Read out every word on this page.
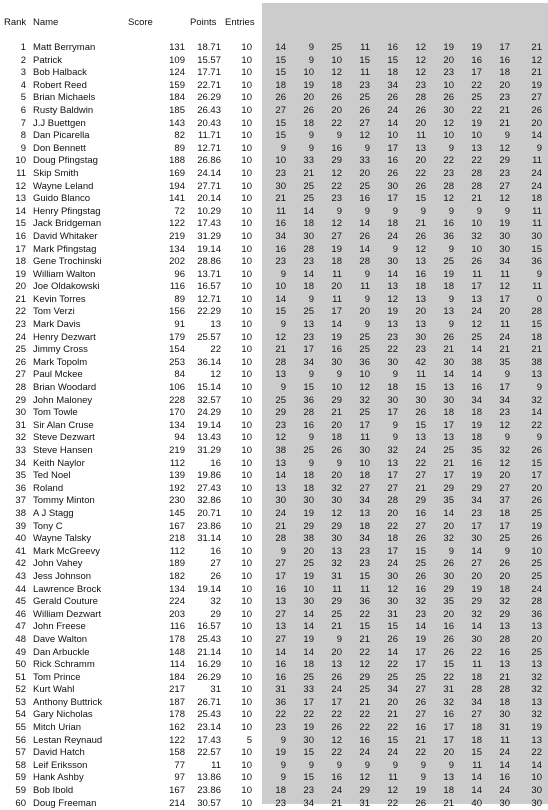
Rank Name	Score	Points Entries
1 Matt Berryman	131	18.71	10	14	9	25	11	16	12	19	19	17	21
2 Patrick	109	15.57	10	15	9	10	15	15	12	20	16	16	12
3 Bob Halback	124	17.71	10	15	10	12	11	18	12	23	17	18	21
4 Robert Reed	159	22.71	10	18	19	18	23	34	23	10	22	20	19
5 Brian Michaels	184	26.29	10	26	20	26	25	26	28	26	25	23	27
6 Rusty Baldwin	185	26.43	10	27	26	20	26	24	26	30	22	21	26
7 J.J Buettgen	143	20.43	10	15	18	22	27	14	20	12	19	21	20
8 Dan Picarella	82	11.71	10	15	9	9	12	10	11	10	10	9	14
9 Don Bennett	89	12.71	10	9	9	16	9	17	13	9	13	12	9
10 Doug Pfingstag	188	26.86	10	10	33	29	33	16	20	22	22	29	11
11 Skip Smith	169	24.14	10	23	21	12	20	26	22	23	28	23	24
12 Wayne Leland	194	27.71	10	30	25	22	25	30	26	28	28	27	24
13 Guido Blanco	141	20.14	10	21	25	23	16	17	15	12	21	12	18
14 Henry Pfingstag	72	10.29	10	11	14	9	9	9	9	9	9	9	11
15 Jack Bridgeman	122	17.43	10	16	18	12	14	18	21	16	10	19	11
16 David Whitaker	219	31.29	10	34	30	27	26	24	26	36	32	30	30
17 Mark Pfingstag	134	19.14	10	16	28	19	14	9	12	9	10	30	15
18 Gene Trochinski	202	28.86	10	23	23	18	28	30	13	25	26	34	36
19 William Walton	96	13.71	10	9	14	11	9	14	16	19	11	11	9
20 Joe Oldakowski	116	16.57	10	10	18	20	11	13	18	18	17	12	11
21 Kevin Torres	89	12.71	10	14	9	11	9	12	13	9	13	17	0
22 Tom Verzi	156	22.29	10	15	25	17	20	19	20	13	24	20	28
23 Mark Davis	91	13	10	9	13	14	9	13	13	9	12	11	15
24 Henry Dezwart	179	25.57	10	12	23	19	25	23	30	26	25	24	18
25 Jimmy Cross	154	22	10	21	17	16	25	22	23	21	14	21	21
26 Mark Topolm	253	36.14	10	28	34	30	36	30	42	30	38	35	38
27 Paul Mckee	84	12	10	13	9	9	10	9	11	14	14	9	13
28 Brian Woodard	106	15.14	10	9	15	10	12	18	15	13	16	17	9
29 John Maloney	228	32.57	10	25	36	29	32	30	30	30	34	34	32
30 Tom Towle	170	24.29	10	29	28	21	25	17	26	18	18	23	14
31 Sir Alan Cruse	134	19.14	10	23	16	20	17	9	15	17	19	12	22
32 Steve Dezwart	94	13.43	10	12	9	18	11	9	13	13	18	9	9
33 Steve Hansen	219	31.29	10	38	25	26	30	32	24	25	35	32	26
34 Keith Naylor	112	16	10	13	9	9	10	13	22	21	16	12	15
35 Ted Noel	139	19.86	10	14	18	20	18	17	27	17	19	20	17
36 Roland	192	27.43	10	13	18	32	27	27	21	29	29	27	20
37 Tommy Minton	230	32.86	10	30	30	30	34	28	29	35	34	37	26
38 A J Stagg	145	20.71	10	24	19	12	13	20	16	14	23	18	25
39 Tony C	167	23.86	10	21	29	29	18	22	27	20	17	17	19
40 Wayne Talsky	218	31.14	10	28	38	30	34	18	26	32	30	25	26
41 Mark McGreevy	112	16	10	9	20	13	23	17	15	9	14	9	10
42 John Vahey	189	27	10	27	25	32	23	24	25	26	27	26	25
43 Jess Johnson	182	26	10	17	19	31	15	30	26	30	20	20	25
44 Lawrence Brock	134	19.14	10	16	10	11	11	12	16	29	19	18	24
45 Gerald Couture	224	32	10	13	30	29	36	30	32	35	29	32	28
46 William Dezwart	203	29	10	27	14	25	22	31	23	20	32	29	36
47 John Freese	116	16.57	10	13	14	21	15	15	14	16	14	13	13
48 Dave Walton	178	25.43	10	27	19	9	21	26	19	26	30	28	20
49 Dan Arbuckle	148	21.14	10	14	14	20	22	14	17	26	22	16	25
50 Rick Schramm	114	16.29	10	16	18	13	12	22	17	15	11	13	13
51 Tom Prince	184	26.29	10	16	25	26	29	25	25	22	18	21	32
52 Kurt Wahl	217	31	10	31	33	24	25	34	27	31	28	28	32
53 Anthony Buttrick	187	26.71	10	36	17	17	21	20	26	32	34	18	13
54 Gary Nicholas	178	25.43	10	22	22	22	22	21	27	16	27	30	32
55 Mitch Urian	162	23.14	10	23	19	26	22	22	16	17	18	31	19
56 Lestan Reynaud	122	17.43	5	9	30	12	16	15	21	17	18	11	13
57 David Hatch	158	22.57	10	19	15	22	24	24	22	20	15	24	22
58 Leif Eriksson	77	11	10	9	9	9	9	9	9	9	11	14	14
59 Hank Ashby	97	13.86	10	9	15	16	12	11	9	13	14	16	10
59 Bob Ibold	167	23.86	10	18	23	24	29	12	19	18	14	24	30
60 Doug Freeman	214	30.57	10	23	34	21	31	22	26	21	40	30	30
